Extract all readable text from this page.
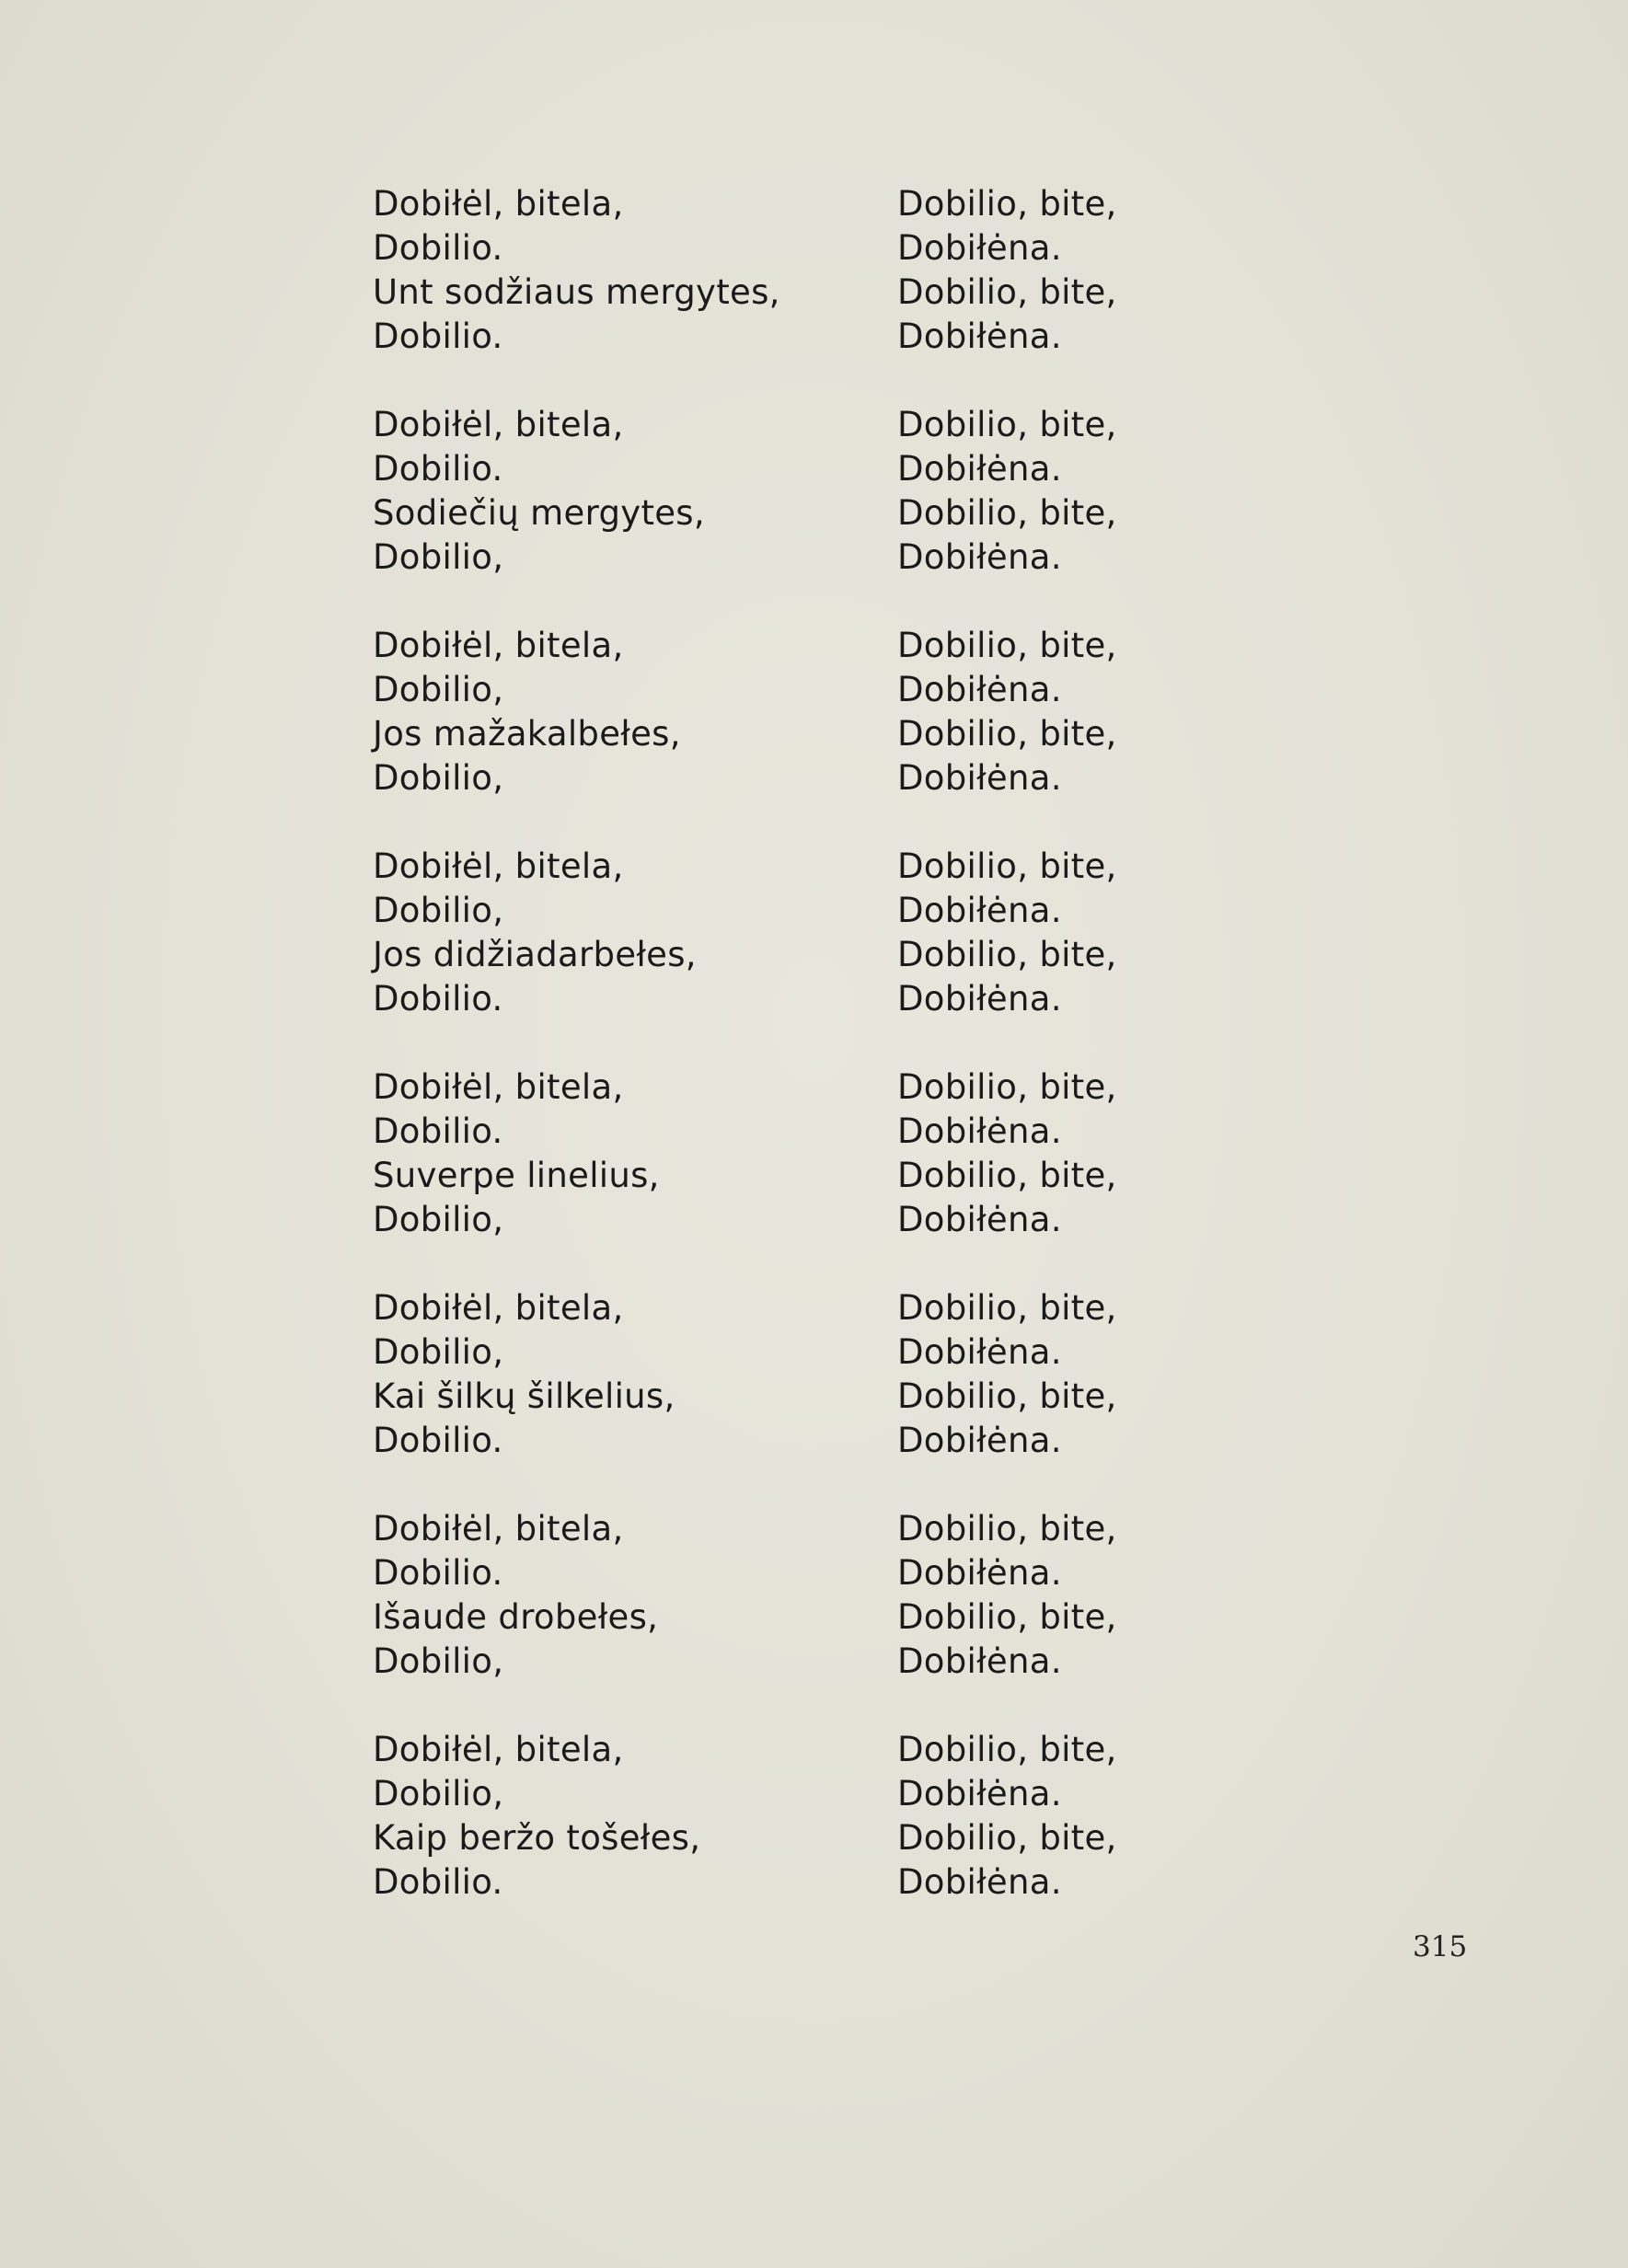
Dobiłėl, bitela,
Dobilio.
Unt sodžiaus mergytes,
Dobilio.
Dobilio, bite,
Dobiłėna.
Dobilio, bite,
Dobiłėna.
Dobiłėl, bitela,
Dobilio.
Sodiečių mergytes,
Dobilio,
Dobilio, bite,
Dobiłėna.
Dobilio, bite,
Dobiłėna.
Dobiłėl, bitela,
Dobilio,
Jos mažakalbełes,
Dobilio,
Dobilio, bite,
Dobiłėna.
Dobilio, bite,
Dobiłėna.
Dobiłėl, bitela,
Dobilio,
Jos didžiadarbełes,
Dobilio.
Dobilio, bite,
Dobiłėna.
Dobilio, bite,
Dobiłėna.
Dobiłėl, bitela,
Dobilio.
Suverpe linelius,
Dobilio,
Dobilio, bite,
Dobiłėna.
Dobilio, bite,
Dobiłėna.
Dobiłėl, bitela,
Dobilio,
Kai šilkų šilkelius,
Dobilio.
Dobilio, bite,
Dobiłėna.
Dobilio, bite,
Dobiłėna.
Dobiłėl, bitela,
Dobilio.
Išaude drobełes,
Dobilio,
Dobilio, bite,
Dobiłėna.
Dobilio, bite,
Dobiłėna.
Dobiłėl, bitela,
Dobilio,
Kaip beržo tošełes,
Dobilio.
Dobilio, bite,
Dobiłėna.
Dobilio, bite,
Dobiłėna.
315
